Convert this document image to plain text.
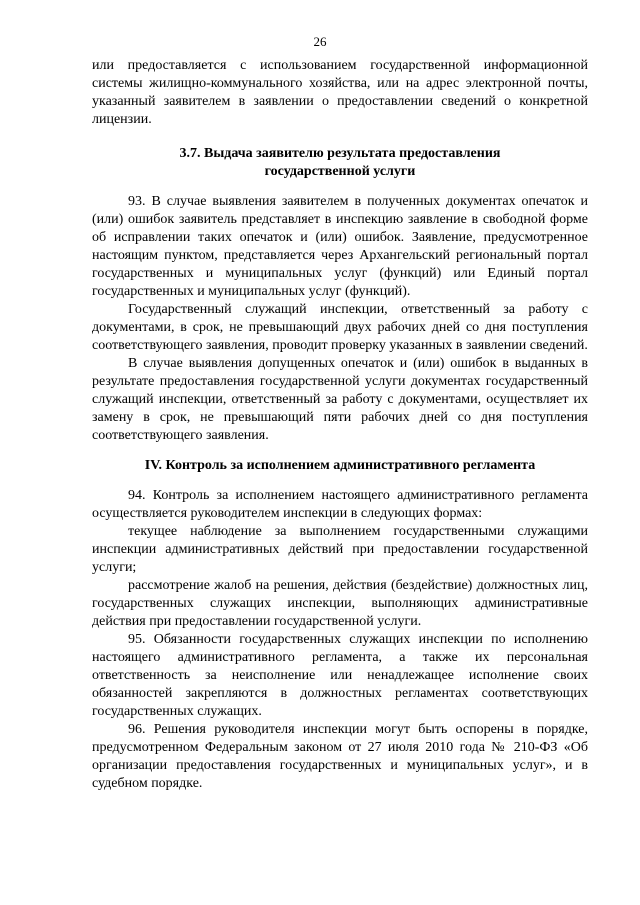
26

или предоставляется с использованием государственной информационной системы жилищно-коммунального хозяйства, или на адрес электронной почты, указанный заявителем в заявлении о предоставлении сведений о конкретной лицензии.

3.7. Выдача заявителю результата предоставления

государственной услуги

93. В случае выявления заявителем в полученных документах опечаток и (или) ошибок заявитель представляет в инспекцию заявление в свободной форме об исправлении таких опечаток и (или) ошибок. Заявление, предусмотренное настоящим пунктом, представляется через Архангельский региональный портал государственных и муниципальных услуг (функций) или Единый портал государственных и муниципальных услуг (функций).

Государственный служащий инспекции, ответственный за работу с документами, в срок, не превышающий двух рабочих дней со дня поступления соответствующего заявления, проводит проверку указанных в заявлении сведений.

В случае выявления допущенных опечаток и (или) ошибок в выданных в результате предоставления государственной услуги документах государственный служащий инспекции, ответственный за работу с документами, осуществляет их замену в срок, не превышающий пяти рабочих дней со дня поступления соответствующего заявления.

IV. Контроль за исполнением административного регламента

94. Контроль за исполнением настоящего административного регламента осуществляется руководителем инспекции в следующих формах:

текущее наблюдение за выполнением государственными служащими инспекции административных действий при предоставлении государственной услуги;

рассмотрение жалоб на решения, действия (бездействие) должностных лиц, государственных служащих инспекции, выполняющих административные действия при предоставлении государственной услуги.

95. Обязанности государственных служащих инспекции по исполнению настоящего административного регламента, а также их персональная ответственность за неисполнение или ненадлежащее исполнение своих обязанностей закрепляются в должностных регламентах соответствующих государственных служащих.

96. Решения руководителя инспекции могут быть оспорены в порядке, предусмотренном Федеральным законом от 27 июля 2010 года № 210-ФЗ «Об организации предоставления государственных и муниципальных услуг», и в судебном порядке.
